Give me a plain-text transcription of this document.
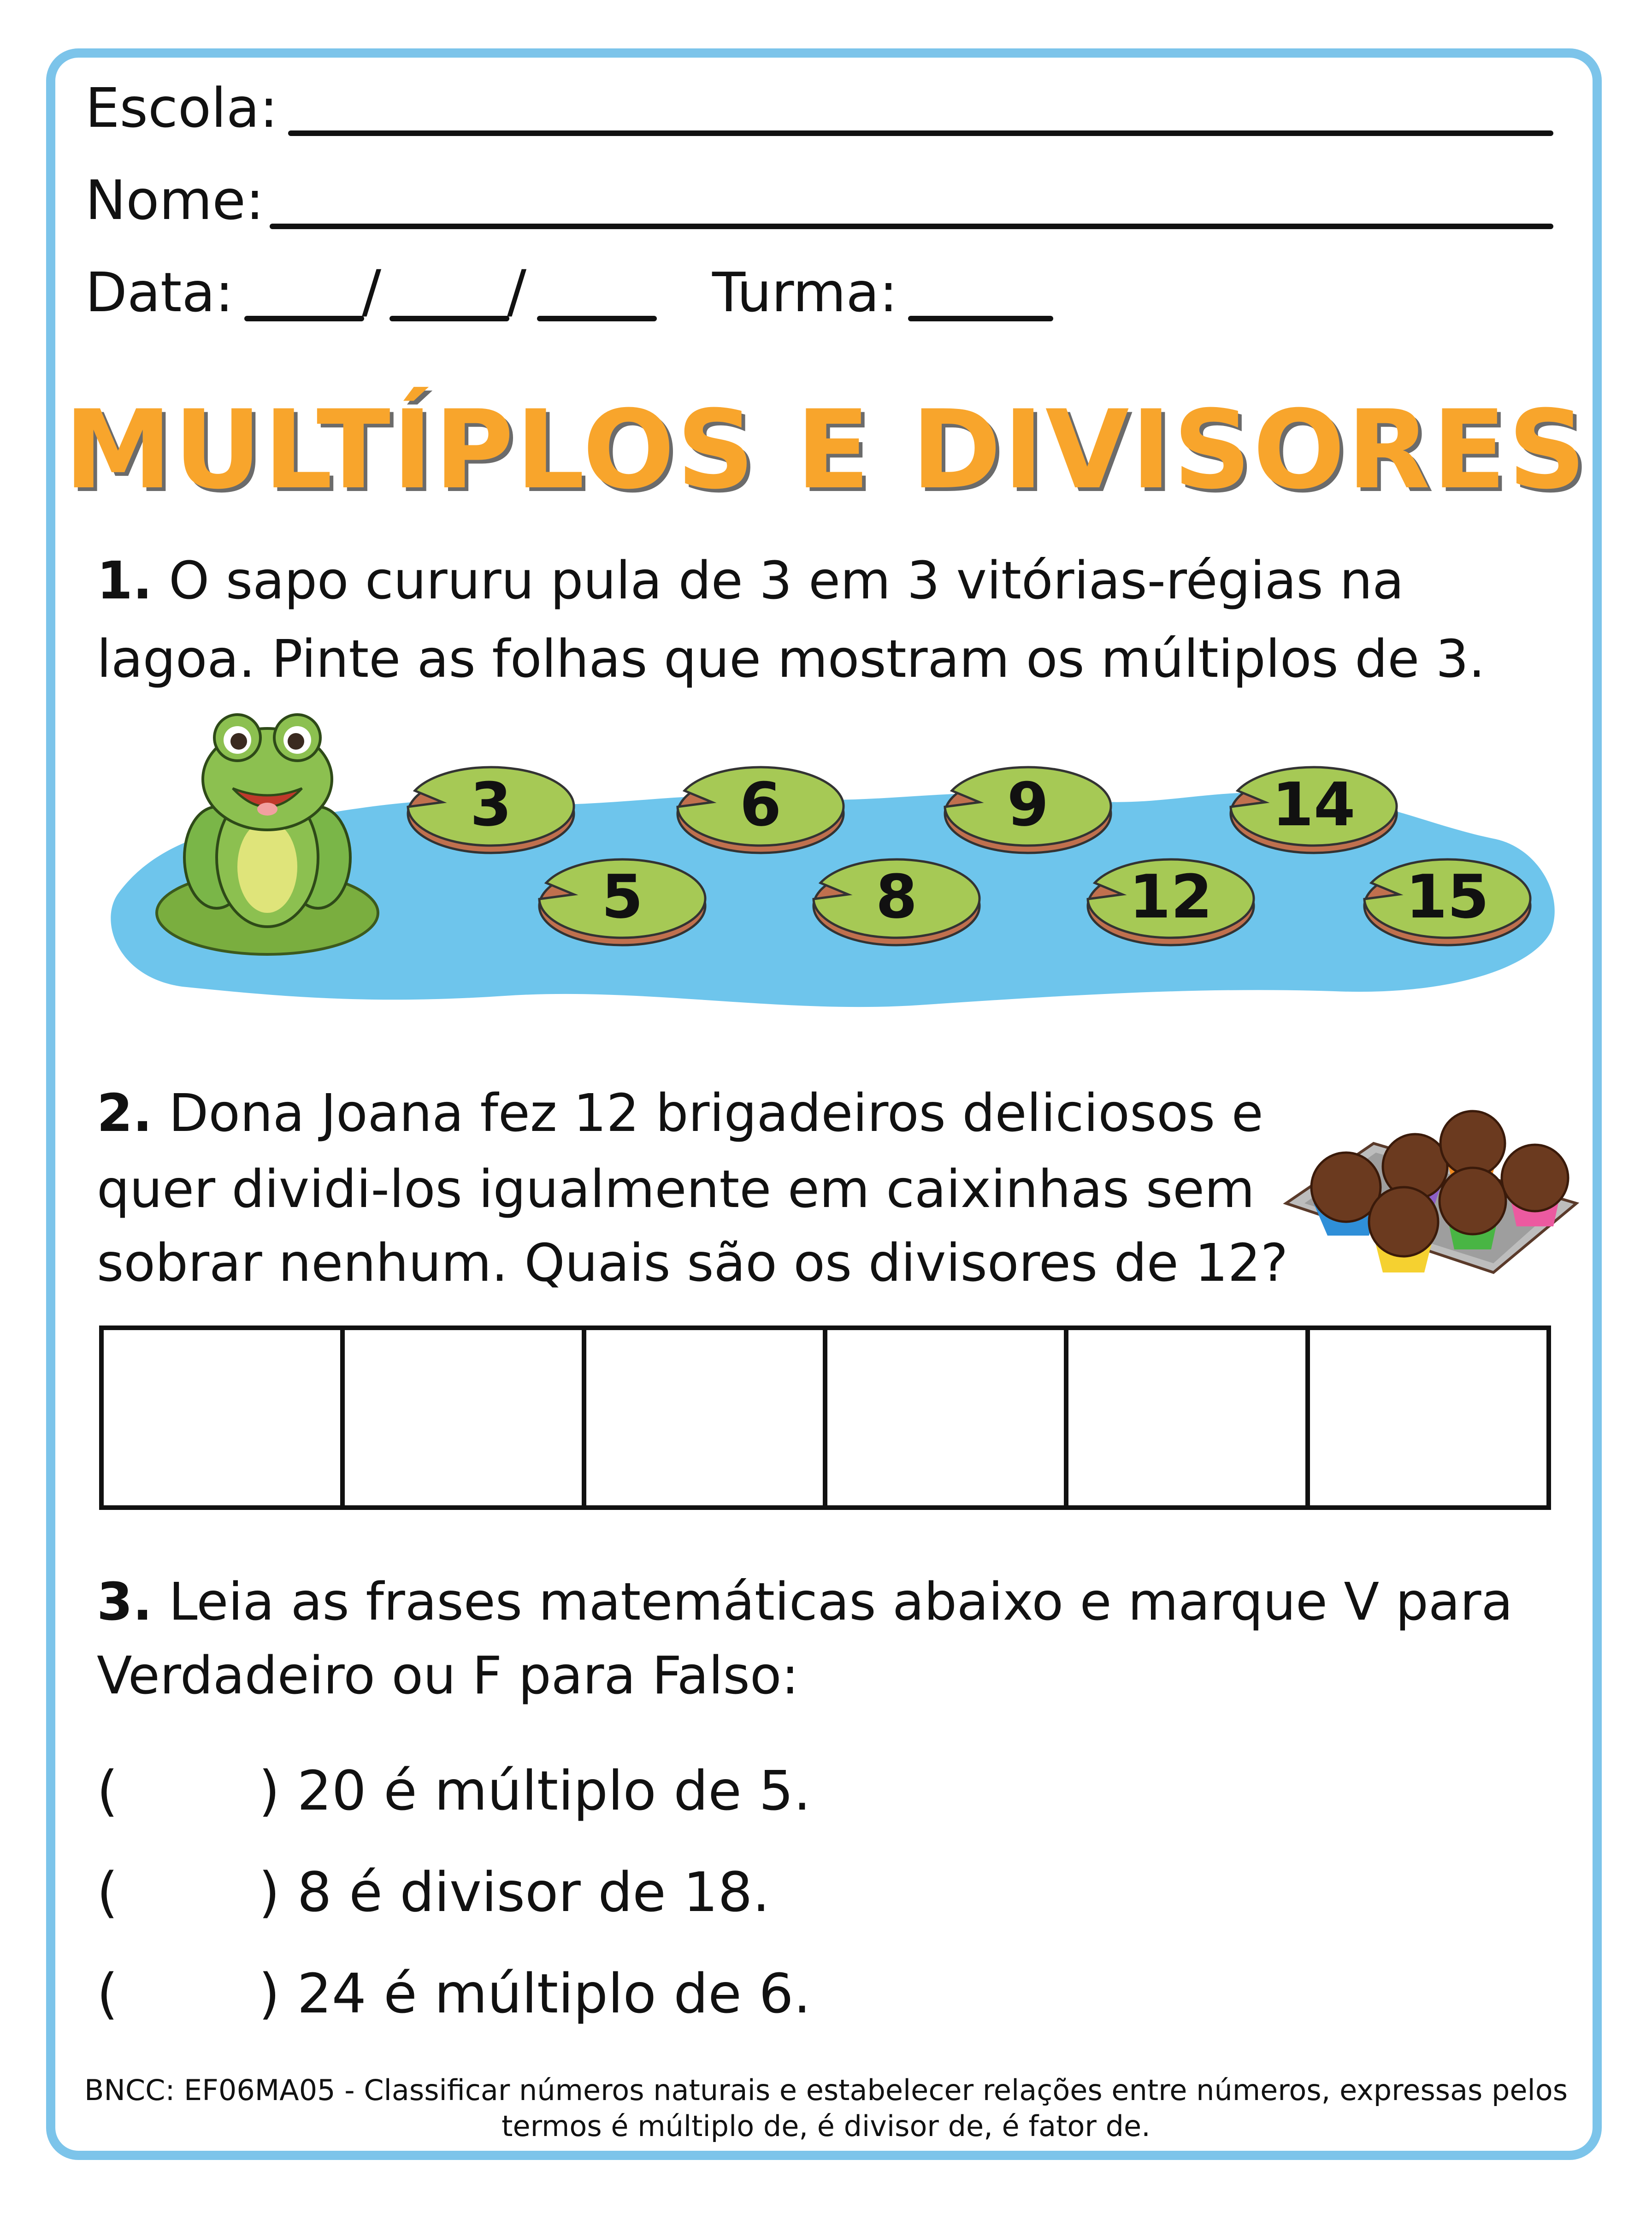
Escola:
Nome:
Data: / /	Turma:
MULTÍPLOS E DIVISORES
1. O sapo cururu pula de 3 em 3 vitórias-régias na
lagoa. Pinte as folhas que mostram os múltiplos de 3.
3	6	9	14
5	8	12	15
2. Dona Joana fez 12 brigadeiros deliciosos e
quer dividi-los igualmente em caixinhas sem
sobrar nenhum. Quais são os divisores de 12?
3. Leia as frases matemáticas abaixo e marque V para
Verdadeiro ou F para Falso:
(	) 20 é múltiplo de 5.
(	) 8 é divisor de 18.
(	) 24 é múltiplo de 6.
BNCC: EF06MA05 - Classificar números naturais e estabelecer relações entre números, expressas pelos
termos é múltiplo de, é divisor de, é fator de.
